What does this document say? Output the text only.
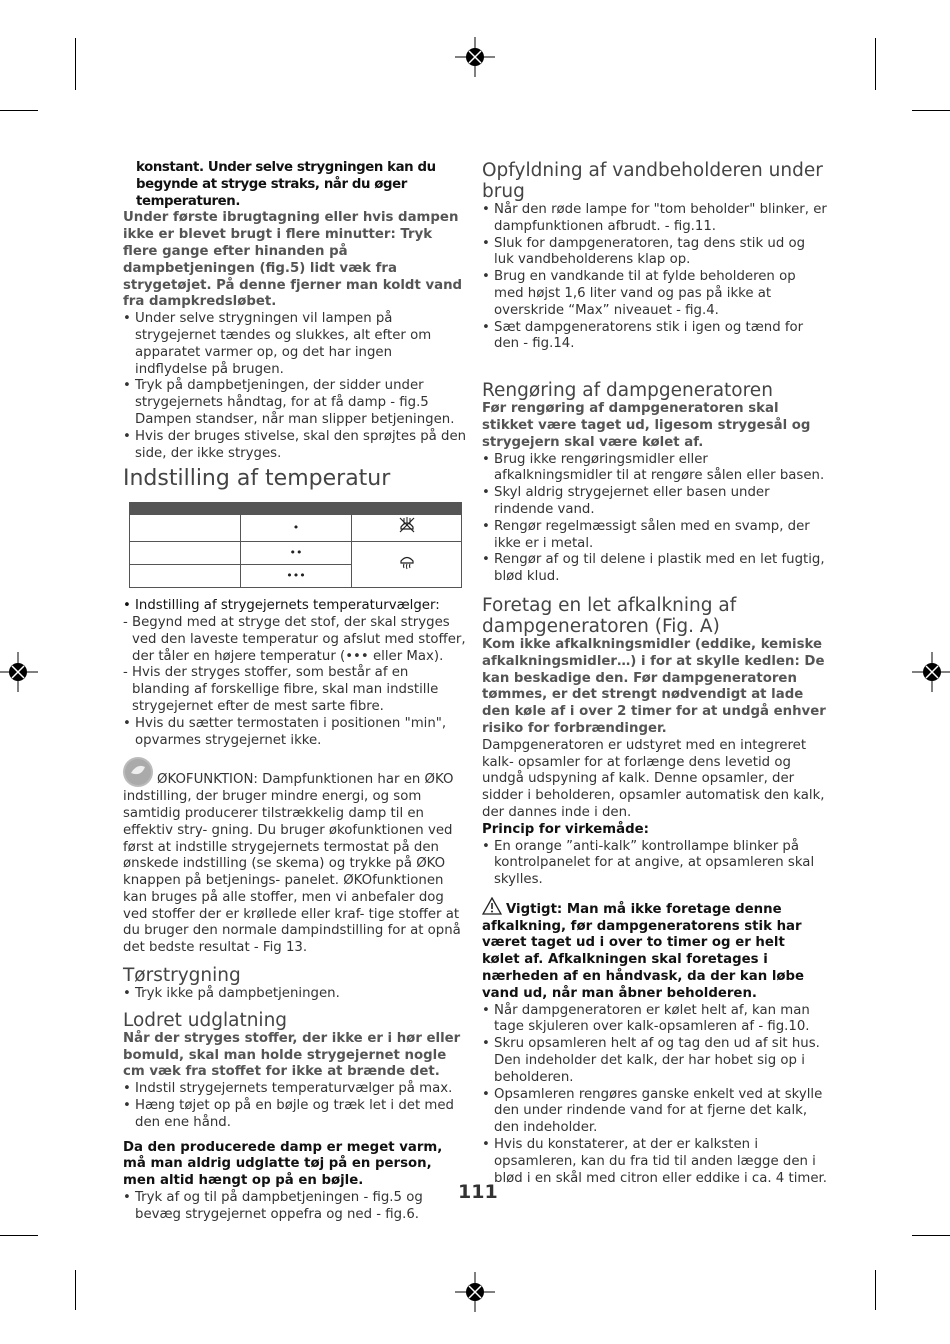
konstant. Under selve strygningen kan du begynde at stryge straks, når du øger temperaturen.

Under første ibrugtagning eller hvis dampen ikke er blevet brugt i flere minutter: Tryk flere gange efter hinanden på dampbetjeningen (fig.5) lidt væk fra strygetøjet. På denne fjerner man koldt vand fra dampkredsløbet.

• Under selve strygningen vil lampen på strygejernet tændes og slukkes, alt efter om apparatet varmer op, og det har ingen indflydelse på brugen.
• Tryk på dampbetjeningen, der sidder under strygejernets håndtag, for at få damp - fig.5 Dampen standser, når man slipper betjeningen.
• Hvis der bruges stivelse, skal den sprøjtes på den side, der ikke stryges.
Indstilling af temperatur

	•	
	••	
	•••	
• Indstilling af strygejernets temperaturvælger:
- Begynd med at stryge det stof, der skal stryges ved den laveste temperatur og afslut med stoffer, der tåler en højere temperatur (••• eller Max).
- Hvis der stryges stoffer, som består af en blanding af forskellige fibre, skal man indstille strygejernet efter de mest sarte fibre.
• Hvis du sætter termostaten i positionen "min", opvarmes strygejernet ikke.

ØKOFUNKTION: Dampfunktionen har en ØKO indstilling, der bruger mindre energi, og som samtidig producerer tilstrækkelig damp til en effektiv stry- gning. Du bruger økofunktionen ved først at indstille strygejernets termostat på den ønskede indstilling (se skema) og trykke på ØKO knappen på betjenings- panelet. ØKOfunktionen kan bruges på alle stoffer, men vi anbefaler dog ved stoffer der er krøllede eller kraf- tige stoffer at du bruger den normale dampindstilling for at opnå det bedste resultat - Fig 13.

Tørstrygning
• Tryk ikke på dampbetjeningen.
Lodret udglatning

Når der stryges stoffer, der ikke er i hør eller bomuld, skal man holde strygejernet nogle cm væk fra stoffet for ikke at brænde det.

• Indstil strygejernets temperaturvælger på max.
• Hæng tøjet op på en bøjle og træk let i det med den ene hånd.

Da den producerede damp er meget varm, må man aldrig udglatte tøj på en person, men altid hængt op på en bøjle.

• Tryk af og til på dampbetjeningen - fig.5 og bevæg strygejernet oppefra og ned - fig.6.
Opfyldning af vandbeholderen under brug
• Når den røde lampe for "tom beholder" blinker, er dampfunktionen afbrudt. - fig.11.
• Sluk for dampgeneratoren, tag dens stik ud og luk vandbeholderens klap op.
• Brug en vandkande til at fylde beholderen op med højst 1,6 liter vand og pas på ikke at overskride “Max” niveauet - fig.4.
• Sæt dampgeneratorens stik i igen og tænd for den - fig.14.
Rengøring af dampgeneratoren

Før rengøring af dampgeneratoren skal stikket være taget ud, ligesom strygesål og strygejern skal være kølet af.

• Brug ikke rengøringsmidler eller afkalkningsmidler til at rengøre sålen eller basen.
• Skyl aldrig strygejernet eller basen under rindende vand.
• Rengør regelmæssigt sålen med en svamp, der ikke er i metal.
• Rengør af og til delene i plastik med en let fugtig, blød klud.
Foretag en let afkalkning af dampgeneratoren (Fig. A)

Kom ikke afkalkningsmidler (eddike, kemiske afkalkningsmidler…) i for at skylle kedlen: De kan beskadige den. Før dampgeneratoren tømmes, er det strengt nødvendigt at lade den køle af i over 2 timer for at undgå enhver risiko for forbrændinger.

Dampgeneratoren er udstyret med en integreret kalk- opsamler for at forlænge dens levetid og undgå udspyning af kalk. Denne opsamler, der sidder i beholderen, opsamler automatisk den kalk, der dannes inde i den.

Princip for virkemåde:

• En orange ”anti-kalk” kontrollampe blinker på kontrolpanelet for at angive, at opsamleren skal skylles.

Vigtigt: Man må ikke foretage denne afkalkning, før dampgeneratorens stik har været taget ud i over to timer og er helt kølet af. Afkalkningen skal foretages i nærheden af en håndvask, da der kan løbe vand ud, når man åbner beholderen.

• Når dampgeneratoren er kølet helt af, kan man tage skjuleren over kalk-opsamleren af - fig.10.
• Skru opsamleren helt af og tag den ud af sit hus. Den indeholder det kalk, der har hobet sig op i beholderen.
• Opsamleren rengøres ganske enkelt ved at skylle den under rindende vand for at fjerne det kalk, den indeholder.
• Hvis du konstaterer, at der er kalksten i opsamleren, kan du fra tid til anden lægge den i blød i en skål med citron eller eddike i ca. 4 timer.
111
